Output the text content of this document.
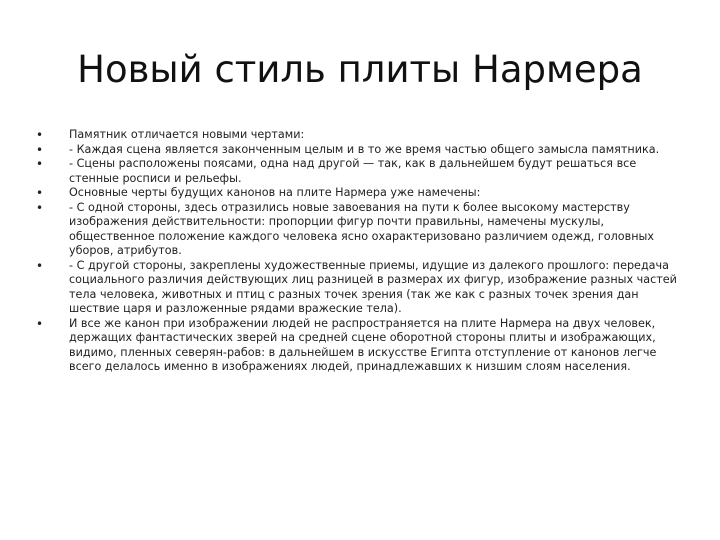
Новый стиль плиты Нармера
• Памятник отличается новыми чертами:
• - Каждая сцена является законченным целым и в то же время частью общего замысла памятника.
• - Сцены расположены поясами, одна над другой — так, как в дальнейшем будут решаться все стенные росписи и рельефы.
• Основные черты будущих канонов на плите Нармера уже намечены:
• - С одной стороны, здесь отразились новые завоевания на пути к более высокому мастерству изображения действительности: пропорции фигур почти правильны, намечены мускулы, общественное положение каждого человека ясно охарактеризовано различием одежд, головных уборов, атрибутов.
• - С другой стороны, закреплены художественные приемы, идущие из далекого прошлого: передача социального различия действующих лиц разницей в размерах их фигур, изображение разных частей тела человека, животных и птиц с разных точек зрения (так же как с разных точек зрения дан шествие царя и разложенные рядами вражеские тела).
• И все же канон при изображении людей не распространяется на плите Нармера на двух человек, держащих фантастических зверей на средней сцене оборотной стороны плиты и изображающих, видимо, пленных северян-рабов: в дальнейшем в искусстве Египта отступление от канонов легче всего делалось именно в изображениях людей, принадлежавших к низшим слоям населения.
